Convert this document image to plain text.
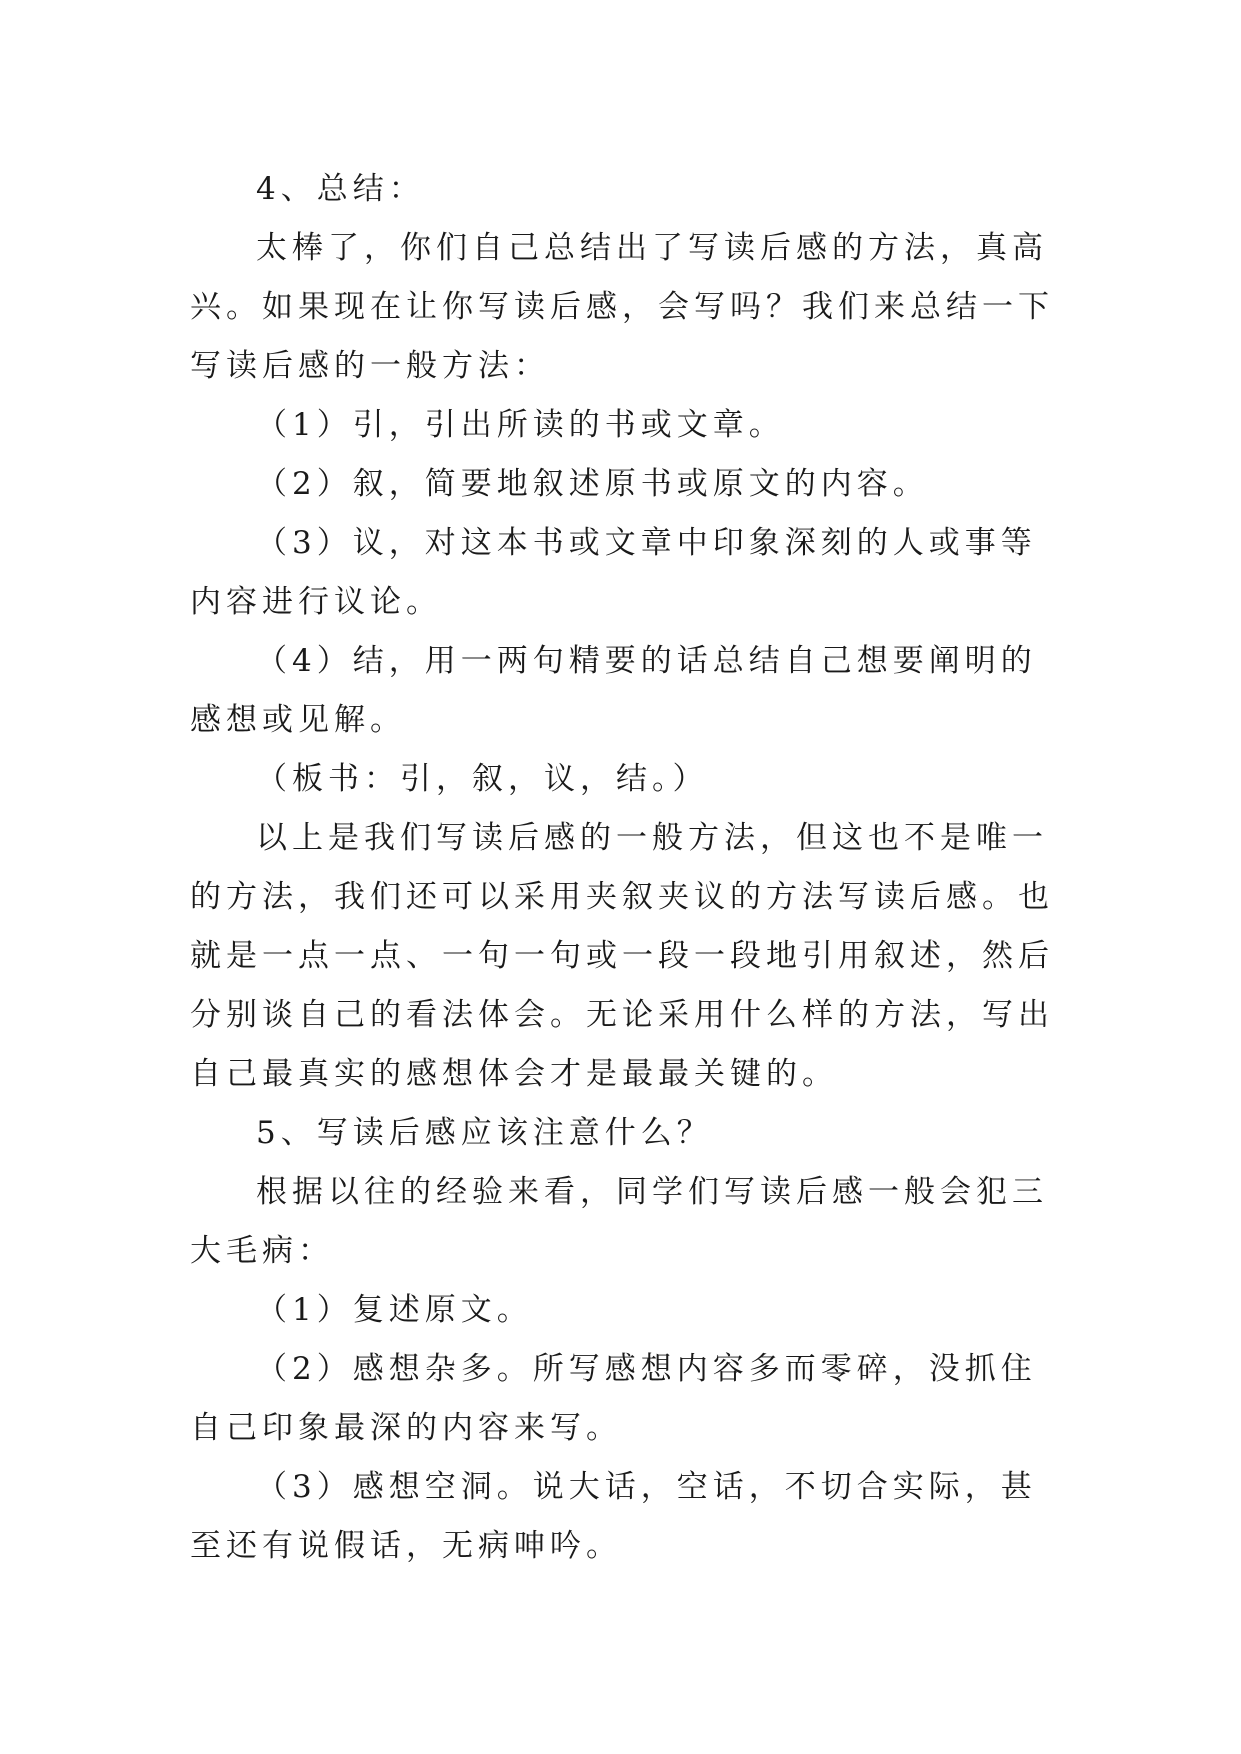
4、总结：

太棒了，你们自己总结出了写读后感的方法，真高兴。如果现在让你写读后感，会写吗？我们来总结一下写读后感的一般方法：

（1）引，引出所读的书或文章。

（2）叙，简要地叙述原书或原文的内容。

（3）议，对这本书或文章中印象深刻的人或事等内容进行议论。

（4）结，用一两句精要的话总结自己想要阐明的感想或见解。

（板书：引，叙，议，结。）

以上是我们写读后感的一般方法，但这也不是唯一的方法，我们还可以采用夹叙夹议的方法写读后感。也就是一点一点、一句一句或一段一段地引用叙述，然后分别谈自己的看法体会。无论采用什么样的方法，写出自己最真实的感想体会才是最最关键的。

5、写读后感应该注意什么？

根据以往的经验来看，同学们写读后感一般会犯三大毛病：

（1）复述原文。

（2）感想杂多。所写感想内容多而零碎，没抓住自己印象最深的内容来写。

（3）感想空洞。说大话，空话，不切合实际，甚至还有说假话，无病呻吟。
